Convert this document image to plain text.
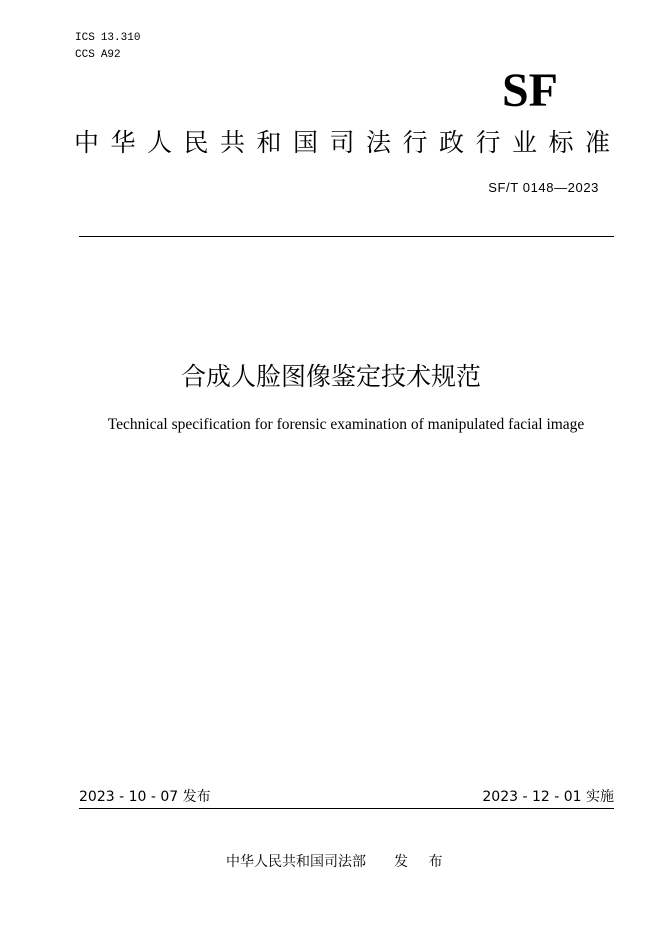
ICS 13.310
CCS A92
SF
中华人民共和国司法行政行业标准
SF/T 0148—2023
合成人脸图像鉴定技术规范
Technical specification for forensic examination of manipulated facial image
2023 - 10 - 07 发布	2023 - 12 - 01 实施
中华人民共和国司法部 发 布
